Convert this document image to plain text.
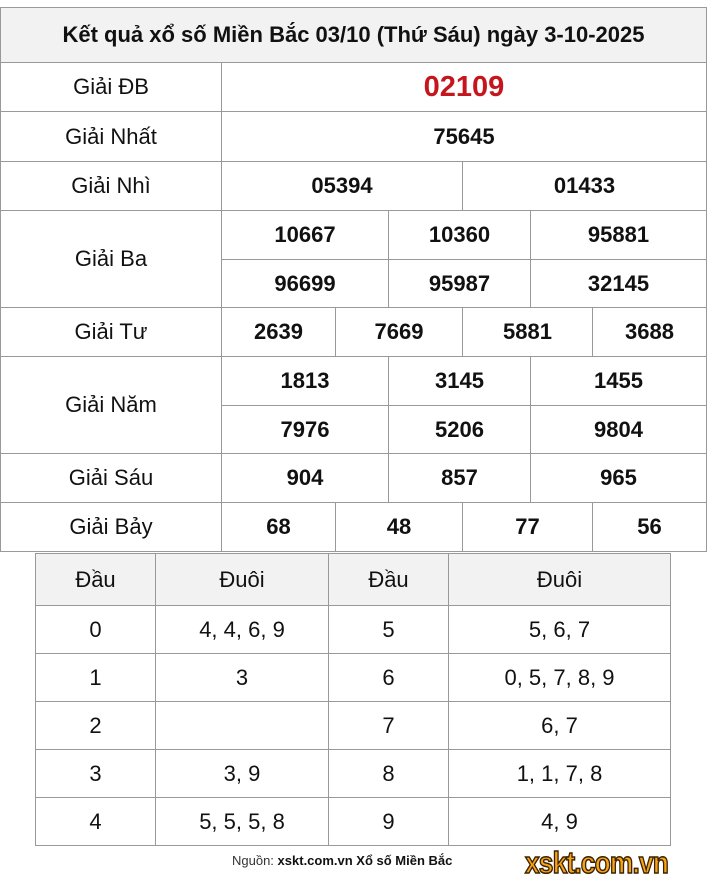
Kết quả xổ số Miền Bắc 03/10 (Thứ Sáu) ngày 3-10-2025
Giải ĐB	02109
Giải Nhất	75645
Giải Nhì	05394	01433
Giải Ba
10667	10360	95881
96699	95987	32145
Giải Tư	2639	7669	5881	3688
Giải Năm
1813	3145	1455
7976	5206	9804
Giải Sáu	904	857	965
Giải Bảy	68	48	77	56
Đầu	Đuôi	Đầu	Đuôi
0	4, 4, 6, 9	5	5, 6, 7
1	3	6	0, 5, 7, 8, 9
2		7	6, 7
3	3, 9	8	1, 1, 7, 8
4	5, 5, 5, 8	9	4, 9
Nguồn: xskt.com.vn Xổ số Miền Bắc xskt.com.vn
